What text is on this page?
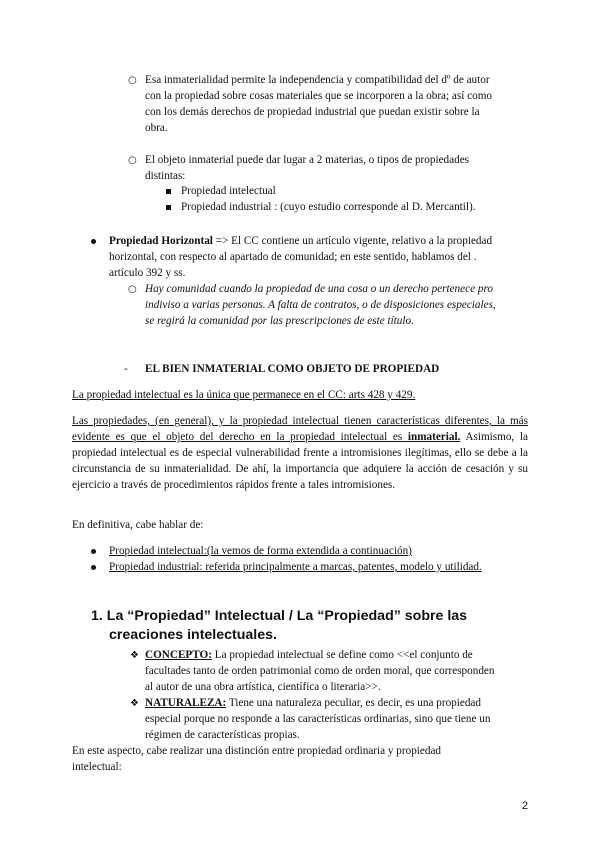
○ Esa inmaterialidad permite la independencia y compatibilidad del dº de autor
con la propiedad sobre cosas materiales que se incorporen a la obra; así como
con los demás derechos de propiedad industrial que puedan existir sobre la
obra.
○ El objeto inmaterial puede dar lugar a 2 materias, o tipos de propiedades
distintas:
Propiedad intelectual
Propiedad industrial : (cuyo estudio corresponde al D. Mercantil).
Propiedad Horizontal => El CC contiene un artículo vigente, relativo a la propiedad
horizontal, con respecto al apartado de comunidad; en este sentido, hablamos del .
artículo 392 y ss.
○ Hay comunidad cuando la propiedad de una cosa o un derecho pertenece pro
indiviso a varias personas. A falta de contratos, o de disposiciones especiales,
se regirá la comunidad por las prescripciones de este título.
- EL BIEN INMATERIAL COMO OBJETO DE PROPIEDAD
La propiedad intelectual es la única que permanece en el CC: arts 428 y 429.
Las propiedades, (en general), y la propiedad intelectual tienen características diferentes, la más evidente es que el objeto del derecho en la propiedad intelectual es inmaterial. Asimismo, la propiedad intelectual es de especial vulnerabilidad frente a intromisiones ilegítimas, ello se debe a la circunstancia de su inmaterialidad. De ahí, la importancia que adquiere la acción de cesación y su ejercicio a través de procedimientos rápidos frente a tales intromisiones.
En definitiva, cabe hablar de:
Propiedad intelectual:(la vemos de forma extendida a continuación)
Propiedad industrial: referida principalmente a marcas, patentes, modelo y utilidad.
1. La “Propiedad” Intelectual / La “Propiedad” sobre las
creaciones intelectuales.
❖ CONCEPTO: La propiedad intelectual se define como <<el conjunto de
facultades tanto de orden patrimonial como de orden moral, que corresponden
al autor de una obra artística, científica o literaria>>.
❖ NATURALEZA: Tiene una naturaleza peculiar, es decir, es una propiedad
especial porque no responde a las características ordinarias, sino que tiene un
régimen de características propias.
En este aspecto, cabe realizar una distinción entre propiedad ordinaria y propiedad
intelectual:
2
